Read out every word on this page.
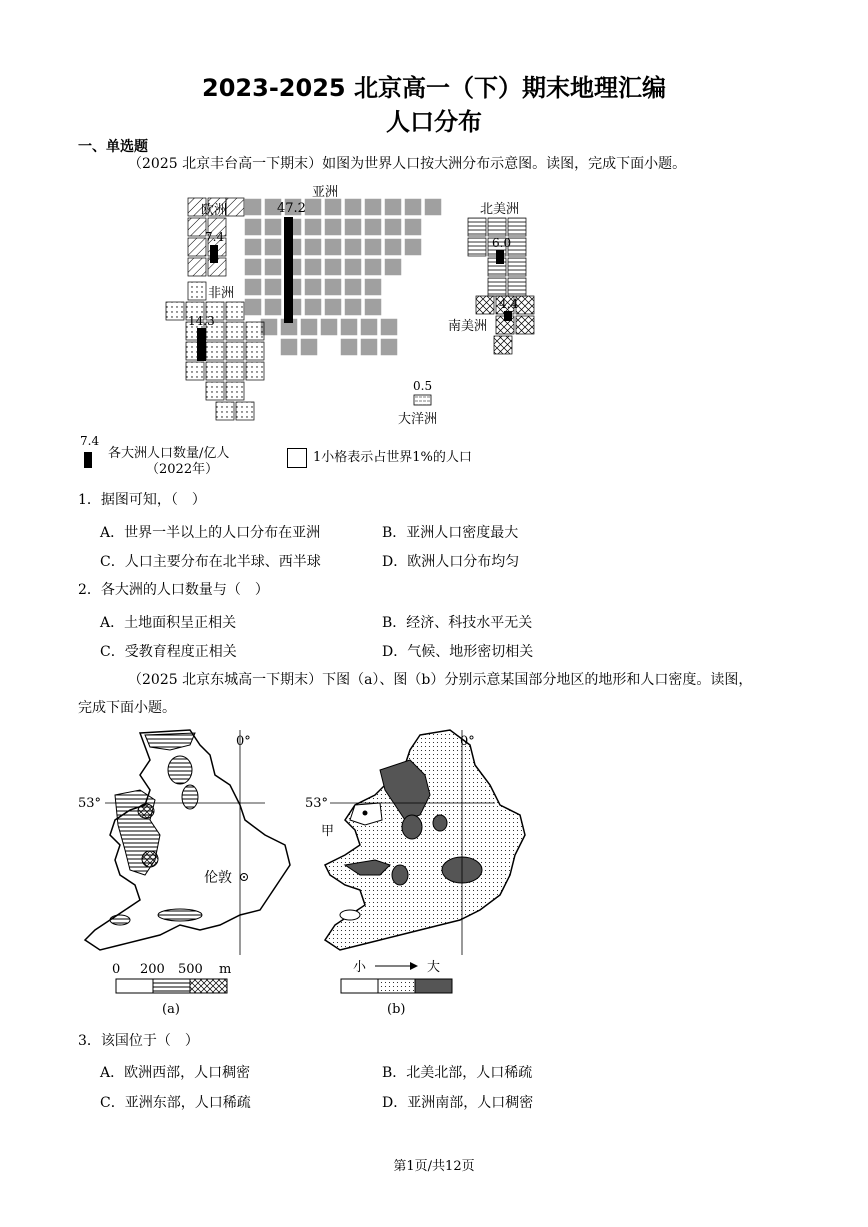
2023-2025 北京高一（下）期末地理汇编
人口分布
一、单选题
（2025 北京丰台高一下期末）如图为世界人口按大洲分布示意图。读图，完成下面小题。
47.2
7.4
14.3
6.0
4.4
0.5
亚洲
欧洲
非洲
北美洲
南美洲
大洋洲
7.4
各大洲人口数量/亿人
（2022年）
1小格表示占世界1%的人口
1．据图可知，（　）
A．世界一半以上的人口分布在亚洲	B．亚洲人口密度最大
C．人口主要分布在北半球、西半球	D．欧洲人口分布均匀
2．各大洲的人口数量与（　）
A．土地面积呈正相关	B．经济、科技水平无关
C．受教育程度正相关	D．气候、地形密切相关
（2025 北京东城高一下期末）下图（a）、图（b）分别示意某国部分地区的地形和人口密度。读图，
完成下面小题。
0°
53°
伦敦
0 200 500 m
(a)
0°
53°
甲
小	大
(b)
3．该国位于（　）
A．欧洲西部，人口稠密	B．北美北部，人口稀疏
C．亚洲东部，人口稀疏	D．亚洲南部，人口稠密
第1页/共12页
